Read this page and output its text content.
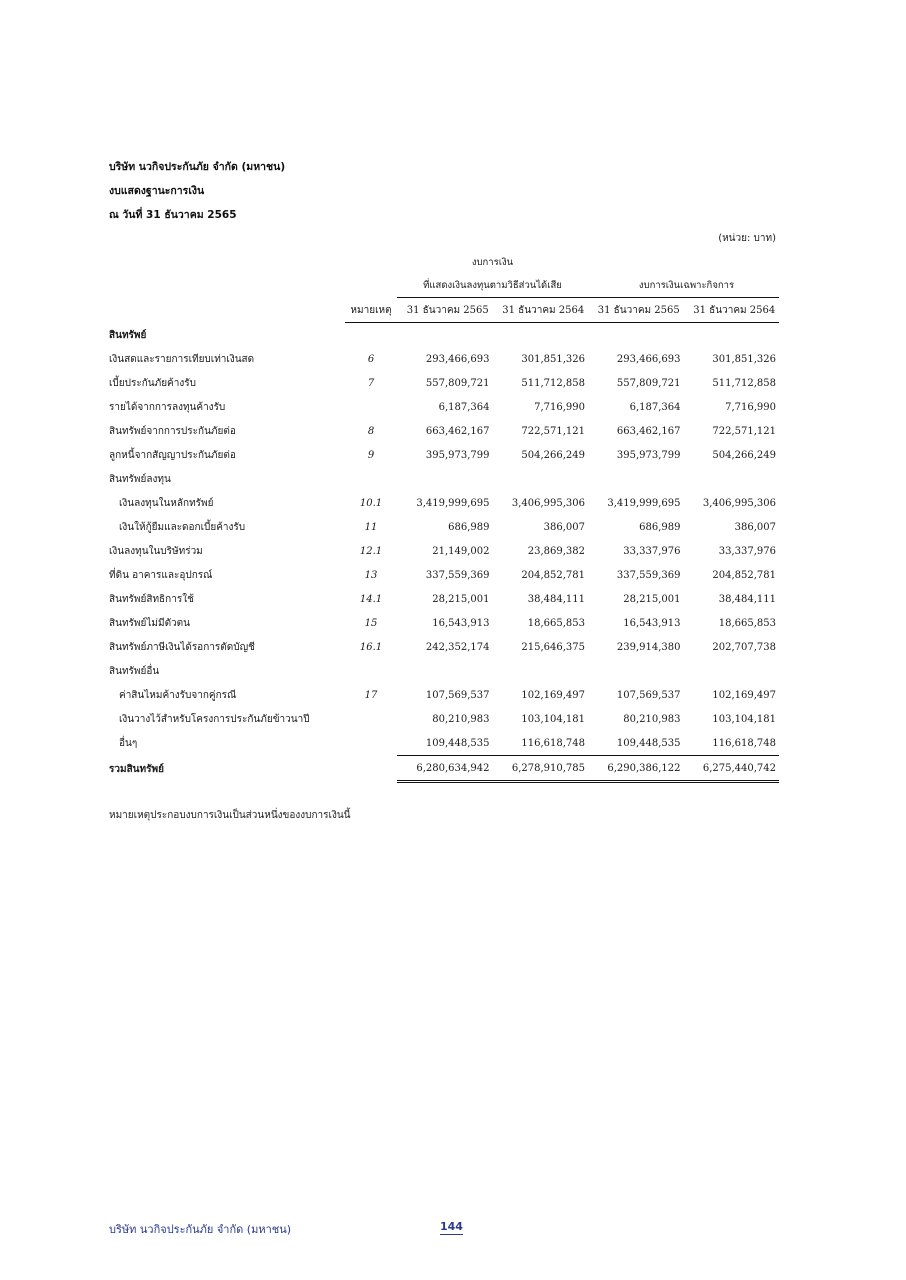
บริษัท นวกิจประกันภัย จำกัด (มหาชน)
งบแสดงฐานะการเงิน
ณ วันที่ 31 ธันวาคม 2565
(หน่วย: บาท)
		งบการเงิน			
		ที่แสดงเงินลงทุนตามวิธีส่วนได้เสีย		งบการเงินเฉพาะกิจการ	
	หมายเหตุ	31 ธันวาคม 2565	31 ธันวาคม 2564	31 ธันวาคม 2565	31 ธันวาคม 2564
สินทรัพย์					
เงินสดและรายการเทียบเท่าเงินสด	6	293,466,693	301,851,326	293,466,693	301,851,326
เบี้ยประกันภัยค้างรับ	7	557,809,721	511,712,858	557,809,721	511,712,858
รายได้จากการลงทุนค้างรับ		6,187,364	7,716,990	6,187,364	7,716,990
สินทรัพย์จากการประกันภัยต่อ	8	663,462,167	722,571,121	663,462,167	722,571,121
ลูกหนี้จากสัญญาประกันภัยต่อ	9	395,973,799	504,266,249	395,973,799	504,266,249
สินทรัพย์ลงทุน					
เงินลงทุนในหลักทรัพย์	10.1	3,419,999,695	3,406,995,306	3,419,999,695	3,406,995,306
เงินให้กู้ยืมและดอกเบี้ยค้างรับ	11	686,989	386,007	686,989	386,007
เงินลงทุนในบริษัทร่วม	12.1	21,149,002	23,869,382	33,337,976	33,337,976
ที่ดิน อาคารและอุปกรณ์	13	337,559,369	204,852,781	337,559,369	204,852,781
สินทรัพย์สิทธิการใช้	14.1	28,215,001	38,484,111	28,215,001	38,484,111
สินทรัพย์ไม่มีตัวตน	15	16,543,913	18,665,853	16,543,913	18,665,853
สินทรัพย์ภาษีเงินได้รอการตัดบัญชี	16.1	242,352,174	215,646,375	239,914,380	202,707,738
สินทรัพย์อื่น					
ค่าสินไหมค้างรับจากคู่กรณี	17	107,569,537	102,169,497	107,569,537	102,169,497
เงินวางไว้สำหรับโครงการประกันภัยข้าวนาปี		80,210,983	103,104,181	80,210,983	103,104,181
อื่นๆ		109,448,535	116,618,748	109,448,535	116,618,748
รวมสินทรัพย์		6,280,634,942	6,278,910,785	6,290,386,122	6,275,440,742
หมายเหตุประกอบงบการเงินเป็นส่วนหนึ่งของงบการเงินนี้
บริษัท นวกิจประกันภัย จำกัด (มหาชน)	144
